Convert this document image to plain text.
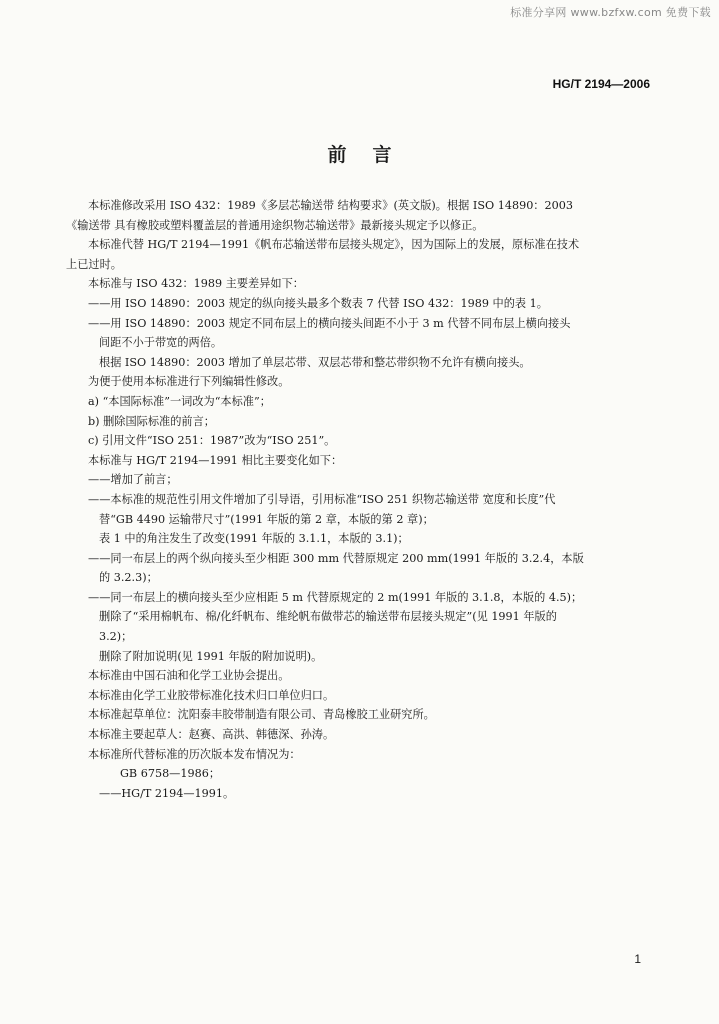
标准分享网 www.bzfxw.com 免费下载
HG/T 2194—2006
前言
本标准修改采用 ISO 432：1989《多层芯输送带 结构要求》(英文版)。根据 ISO 14890：2003
《输送带 具有橡胶或塑料覆盖层的普通用途织物芯输送带》最新接头规定予以修正。
本标准代替 HG/T 2194—1991《帆布芯输送带布层接头规定》，因为国际上的发展，原标准在技术
上已过时。
本标准与 ISO 432：1989 主要差异如下：
——用 ISO 14890：2003 规定的纵向接头最多个数表 7 代替 ISO 432：1989 中的表 1。
——用 ISO 14890：2003 规定不同布层上的横向接头间距不小于 3 m 代替不同布层上横向接头
间距不小于带宽的两倍。
根据 ISO 14890：2003 增加了单层芯带、双层芯带和整芯带织物不允许有横向接头。
为便于使用本标准进行下列编辑性修改。
a) “本国际标准”一词改为“本标准”；
b) 删除国际标准的前言；
c) 引用文件“ISO 251：1987”改为“ISO 251”。
本标准与 HG/T 2194—1991 相比主要变化如下：
——增加了前言；
——本标准的规范性引用文件增加了引导语，引用标准“ISO 251 织物芯输送带 宽度和长度”代
替“GB 4490 运输带尺寸”(1991 年版的第 2 章，本版的第 2 章)；
表 1 中的角注发生了改变(1991 年版的 3.1.1，本版的 3.1)；
——同一布层上的两个纵向接头至少相距 300 mm 代替原规定 200 mm(1991 年版的 3.2.4，本版
的 3.2.3)；
——同一布层上的横向接头至少应相距 5 m 代替原规定的 2 m(1991 年版的 3.1.8，本版的 4.5)；
删除了“采用棉帆布、棉/化纤帆布、维纶帆布做带芯的输送带布层接头规定”(见 1991 年版的
3.2)；
删除了附加说明(见 1991 年版的附加说明)。
本标准由中国石油和化学工业协会提出。
本标准由化学工业胶带标准化技术归口单位归口。
本标准起草单位：沈阳泰丰胶带制造有限公司、青岛橡胶工业研究所。
本标准主要起草人：赵赛、高洪、韩德深、孙涛。
本标准所代替标准的历次版本发布情况为：
GB 6758—1986；
——HG/T 2194—1991。
1
